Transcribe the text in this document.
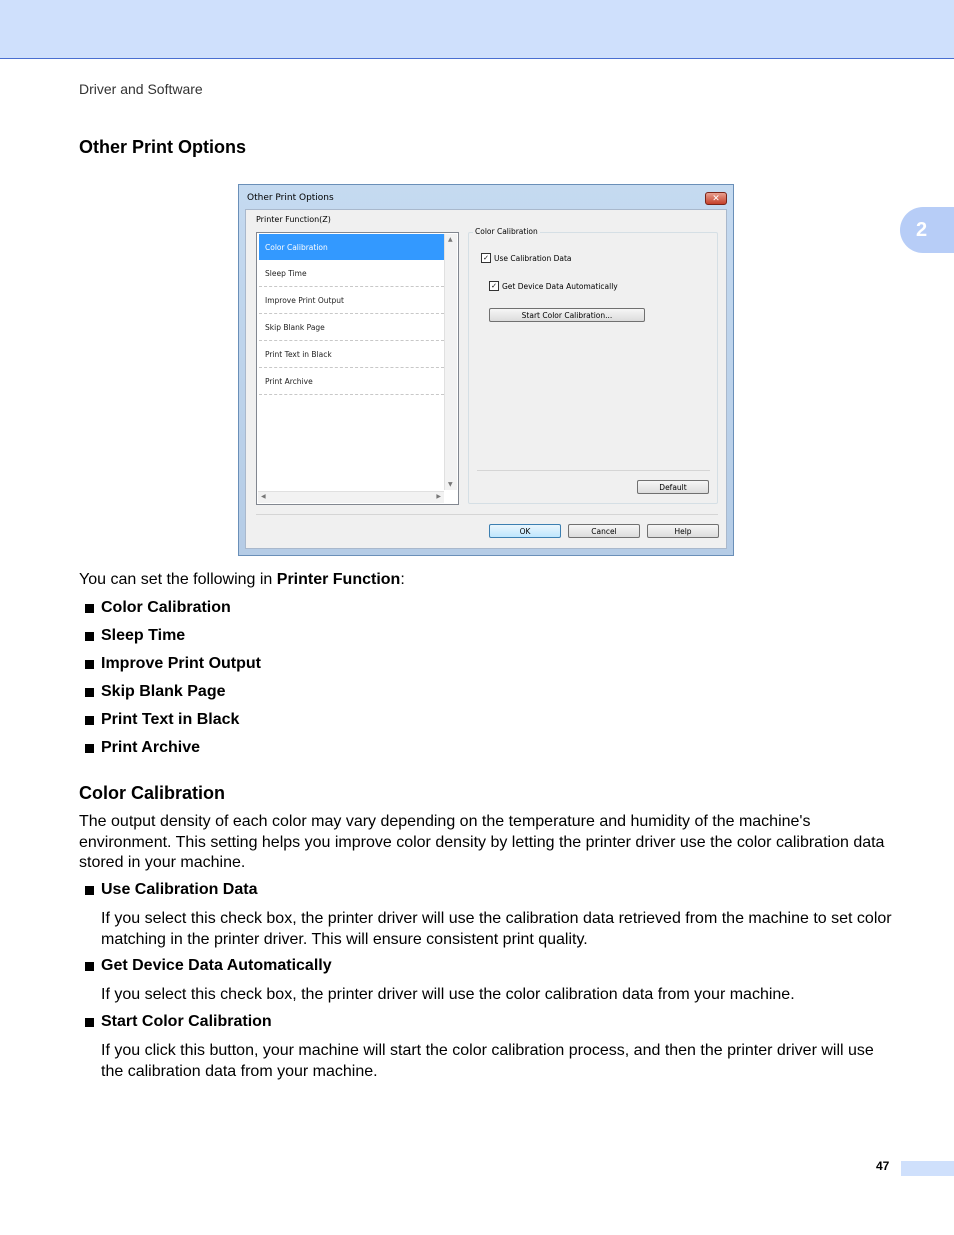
Driver and Software
2
Other Print Options
Other Print Options	✕
Printer Function(Z)
Color Calibration
Sleep Time
Improve Print Output
Skip Blank Page
Print Text in Black
Print Archive
▲
▼
◀	▶
Color Calibration
✓ Use Calibration Data
✓ Get Device Data Automatically
Start Color Calibration...
Default
OK	Cancel	Help
You can set the following in Printer Function:
Color Calibration
Sleep Time
Improve Print Output
Skip Blank Page
Print Text in Black
Print Archive
Color Calibration

The output density of each color may vary depending on the temperature and humidity of the machine's environment. This setting helps you improve color density by letting the printer driver use the color calibration data stored in your machine.

Use Calibration Data

If you select this check box, the printer driver will use the calibration data retrieved from the machine to set color matching in the printer driver. This will ensure consistent print quality.

Get Device Data Automatically

If you select this check box, the printer driver will use the color calibration data from your machine.

Start Color Calibration

If you click this button, your machine will start the color calibration process, and then the printer driver will use the calibration data from your machine.

47
